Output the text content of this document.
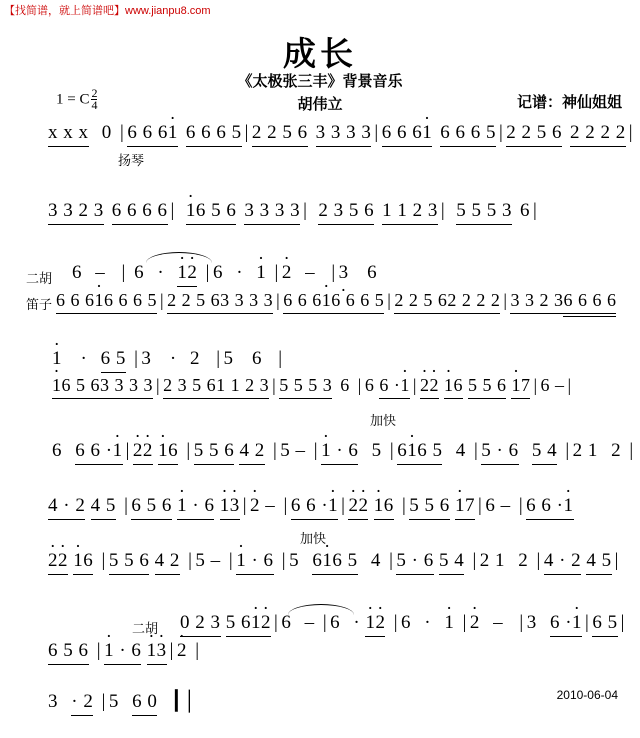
【找简谱，就上简谱吧】www.jianpu8.com
成长
《太极张三丰》背景音乐
胡伟立
1 = C $\frac{2}{4}$	记谱：神仙姐姐
x x x 0 | 6 6 6· 1 6 6 6 5 | 2 2 5 6 3 3 3 3 | 6 6 6· 1 6 6 6 5 | 2 2 5 6 2 2 2 2 |
扬琴
3 3 2 3 6 6 6 6 | · 16 5 6 3 3 3 3 | 2 3 5 6 1 1 2 3 | 5 5 5 3 6 |
6 – | 6 · · 1· 2 | 6 · · 1 | · 2 – | 3 ·  6
二胡
6 6 6· 16 6 6 5 | 2 2 5 63 3 3 3 | 6 6 6· 16 6 6 5 | 2 2 5 62 2 2 2 | 3 3 2 36 6 6 6
笛子
· 1  · 6 5 | 3  · 2 | 5  6 |
· 16 5 63 3 3 3 | 2 3 5 61 1 2 3 | 5 5 5 3 6 | 6 6 ·· 1 | · 2· 2 · 16 5 5 6 · 17 | 6 – |
加快
6 6 6 ·· 1 | · 2· 2 · 16 | 5 5 6 4 2 | 5 – | · 1 · 6 5 | 6· 16 5 4 | 5 · 6 5 4 | 2 1 2 |
4 · 2 4 5 | 6 5 6 · 1 · 6 · 1· 3 | · 2 – | 6 6 ·· 1 | · 2· 2 · 16 | 5 5 6 · 17 | 6 – | 6 6 ·· 1
加快
· 2· 2 · 16 | 5 5 6 4 2 | 5 – | · 1 · 6 | 5 6· 16 5 4 | 5 · 6 5 4 | 2 1 2 | 4 · 2 4 5 |
0 2 3 5 6· 1· 2 | 6 – | 6 · · 1· 2 | 6 · · 1 | · 2 – | 3 6 ·· 1 | 6 5 |
二胡
6 5 6 | · 1 · 6 · 1· 3 | · 2 |
3 · 2 | 5 6 0 ┃│	2010-06-04
